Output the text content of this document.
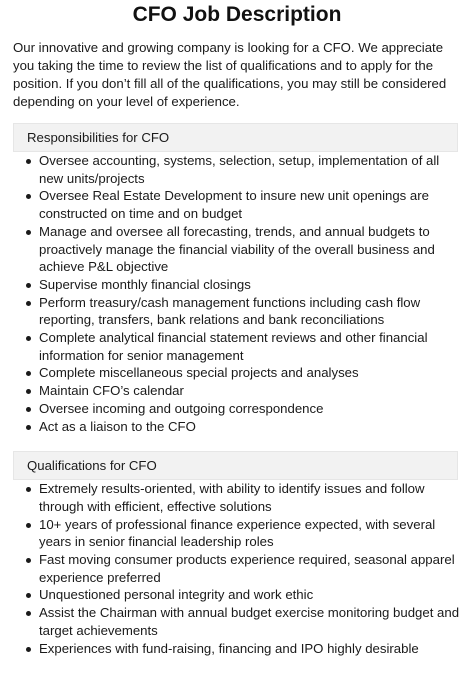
CFO Job Description

Our innovative and growing company is looking for a CFO. We appreciate you taking the time to review the list of qualifications and to apply for the position. If you don’t fill all of the qualifications, you may still be considered depending on your level of experience.

Responsibilities for CFO
Oversee accounting, systems, selection, setup, implementation of all new units/projects
Oversee Real Estate Development to insure new unit openings are constructed on time and on budget
Manage and oversee all forecasting, trends, and annual budgets to proactively manage the financial viability of the overall business and achieve P&L objective
Supervise monthly financial closings
Perform treasury/cash management functions including cash flow reporting, transfers, bank relations and bank reconciliations
Complete analytical financial statement reviews and other financial information for senior management
Complete miscellaneous special projects and analyses
Maintain CFO’s calendar
Oversee incoming and outgoing correspondence
Act as a liaison to the CFO
Qualifications for CFO
Extremely results-oriented, with ability to identify issues and follow through with efficient, effective solutions
10+ years of professional finance experience expected, with several years in senior financial leadership roles
Fast moving consumer products experience required, seasonal apparel experience preferred
Unquestioned personal integrity and work ethic
Assist the Chairman with annual budget exercise monitoring budget and target achievements
Experiences with fund-raising, financing and IPO highly desirable
